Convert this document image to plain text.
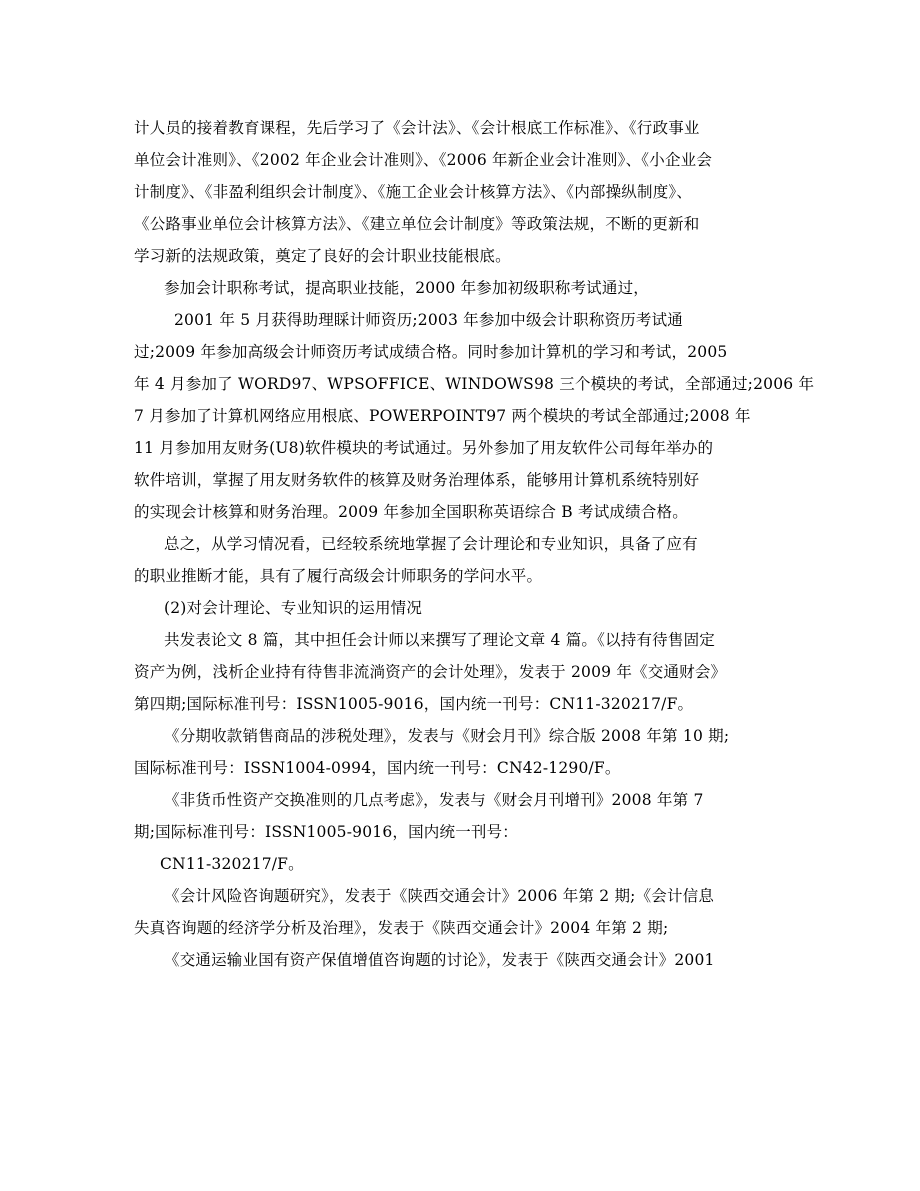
计人员的接着教育课程，先后学习了《会计法》、《会计根底工作标准》、《行政事业
单位会计准则》、《2002 年企业会计准则》、《2006 年新企业会计准则》、《小企业会
计制度》、《非盈利组织会计制度》、《施工企业会计核算方法》、《内部操纵制度》、
《公路事业单位会计核算方法》、《建立单位会计制度》等政策法规，不断的更新和
学习新的法规政策，奠定了良好的会计职业技能根底。
参加会计职称考试，提高职业技能，2000 年参加初级职称考试通过，
2001 年 5 月获得助理睬计师资历;2003 年参加中级会计职称资历考试通
过;2009 年参加高级会计师资历考试成绩合格。同时参加计算机的学习和考试，2005
年 4 月参加了 WORD97、WPSOFFICE、WINDOWS98 三个模块的考试，全部通过;2006 年
7 月参加了计算机网络应用根底、POWERPOINT97 两个模块的考试全部通过;2008 年
11 月参加用友财务(U8)软件模块的考试通过。另外参加了用友软件公司每年举办的
软件培训，掌握了用友财务软件的核算及财务治理体系，能够用计算机系统特别好
的实现会计核算和财务治理。2009 年参加全国职称英语综合 B 考试成绩合格。
总之，从学习情况看，已经较系统地掌握了会计理论和专业知识，具备了应有
的职业推断才能，具有了履行高级会计师职务的学问水平。
(2)对会计理论、专业知识的运用情况
共发表论文 8 篇，其中担任会计师以来撰写了理论文章 4 篇。《以持有待售固定
资产为例，浅析企业持有待售非流淌资产的会计处理》，发表于 2009 年《交通财会》
第四期;国际标准刊号：ISSN1005-9016，国内统一刊号：CN11-320217/F。
《分期收款销售商品的涉税处理》，发表与《财会月刊》综合版 2008 年第 10 期;
国际标准刊号：ISSN1004-0994，国内统一刊号：CN42-1290/F。
《非货币性资产交换准则的几点考虑》，发表与《财会月刊增刊》2008 年第 7
期;国际标准刊号：ISSN1005-9016，国内统一刊号：
CN11-320217/F。
《会计风险咨询题研究》，发表于《陕西交通会计》2006 年第 2 期;《会计信息
失真咨询题的经济学分析及治理》，发表于《陕西交通会计》2004 年第 2 期;
《交通运输业国有资产保值增值咨询题的讨论》，发表于《陕西交通会计》2001
